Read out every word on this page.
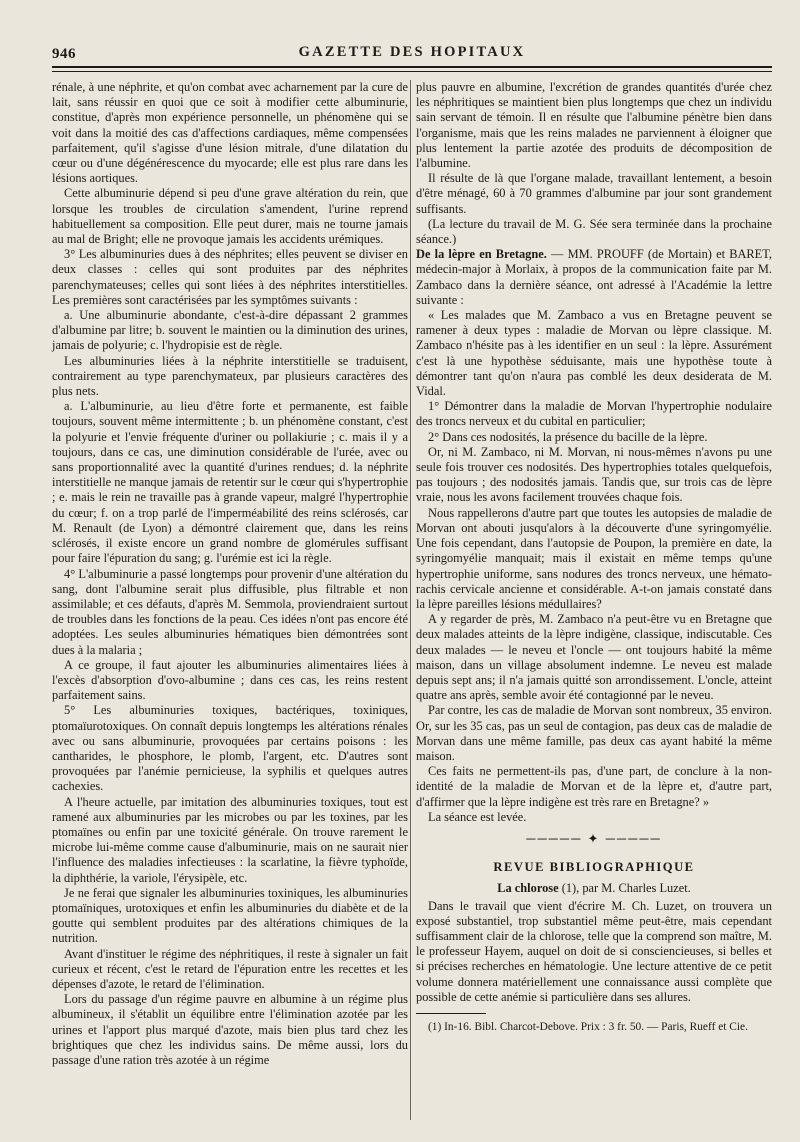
946	GAZETTE DES HOPITAUX

rénale, à une néphrite, et qu'on combat avec acharnement par la cure de lait, sans réussir en quoi que ce soit à modifier cette albuminurie, constitue, d'après mon expérience personnelle, un phénomène qui se voit dans la moitié des cas d'affections cardiaques, même compensées parfaitement, qu'il s'agisse d'une lésion mitrale, d'une dilatation du cœur ou d'une dégénérescence du myocarde; elle est plus rare dans les lésions aortiques.

Cette albuminurie dépend si peu d'une grave altération du rein, que lorsque les troubles de circulation s'amendent, l'urine reprend habituellement sa composition. Elle peut durer, mais ne tourne jamais au mal de Bright; elle ne provoque jamais les accidents urémiques.

3° Les albuminuries dues à des néphrites; elles peuvent se diviser en deux classes : celles qui sont produites par des néphrites parenchymateuses; celles qui sont liées à des néphrites interstitielles. Les premières sont caractérisées par les symptômes suivants :

a. Une albuminurie abondante, c'est-à-dire dépassant 2 grammes d'albumine par litre; b. souvent le maintien ou la diminution des urines, jamais de polyurie; c. l'hydropisie est de règle.

Les albuminuries liées à la néphrite interstitielle se traduisent, contrairement au type parenchymateux, par plusieurs caractères des plus nets.

a. L'albuminurie, au lieu d'être forte et permanente, est faible toujours, souvent même intermittente ; b. un phénomène constant, c'est la polyurie et l'envie fréquente d'uriner ou pollakiurie ; c. mais il y a toujours, dans ce cas, une diminution considérable de l'urée, avec ou sans proportionnalité avec la quantité d'urines rendues; d. la néphrite interstitielle ne manque jamais de retentir sur le cœur qui s'hypertrophie ; e. mais le rein ne travaille pas à grande vapeur, malgré l'hypertrophie du cœur; f. on a trop parlé de l'imperméabilité des reins sclérosés, car M. Renault (de Lyon) a démontré clairement que, dans les reins sclérosés, il existe encore un grand nombre de glomérules suffisant pour faire l'épuration du sang; g. l'urémie est ici la règle.

4° L'albuminurie a passé longtemps pour provenir d'une altération du sang, dont l'albumine serait plus diffusible, plus filtrable et non assimilable; et ces défauts, d'après M. Semmola, proviendraient surtout de troubles dans les fonctions de la peau. Ces idées n'ont pas encore été adoptées. Les seules albuminuries hématiques bien démontrées sont dues à la malaria ;

A ce groupe, il faut ajouter les albuminuries alimentaires liées à l'excès d'absorption d'ovo-albumine ; dans ces cas, les reins restent parfaitement sains.

5° Les albuminuries toxiques, bactériques, toxiniques, ptomaïurotoxiques. On connaît depuis longtemps les altérations rénales avec ou sans albuminurie, provoquées par certains poisons : les cantharides, le phosphore, le plomb, l'argent, etc. D'autres sont provoquées par l'anémie pernicieuse, la syphilis et quelques autres cachexies.

A l'heure actuelle, par imitation des albuminuries toxiques, tout est ramené aux albuminuries par les microbes ou par les toxines, par les ptomaïnes ou enfin par une toxicité générale. On trouve rarement le microbe lui-même comme cause d'albuminurie, mais on ne saurait nier l'influence des maladies infectieuses : la scarlatine, la fièvre typhoïde, la diphthérie, la variole, l'érysipèle, etc.

Je ne ferai que signaler les albuminuries toxiniques, les albuminuries ptomaïniques, urotoxiques et enfin les albuminuries du diabète et de la goutte qui semblent produites par des altérations chimiques de la nutrition.

Avant d'instituer le régime des néphritiques, il reste à signaler un fait curieux et récent, c'est le retard de l'épuration entre les recettes et les dépenses d'azote, le retard de l'élimination.

Lors du passage d'un régime pauvre en albumine à un régime plus albumineux, il s'établit un équilibre entre l'élimination azotée par les urines et l'apport plus marqué d'azote, mais bien plus tard chez les brightiques que chez les individus sains. De même aussi, lors du passage d'une ration très azotée à un régime

plus pauvre en albumine, l'excrétion de grandes quantités d'urée chez les néphritiques se maintient bien plus longtemps que chez un individu sain servant de témoin. Il en résulte que l'albumine pénètre bien dans l'organisme, mais que les reins malades ne parviennent à éloigner que plus lentement la partie azotée des produits de décomposition de l'albumine.

Il résulte de là que l'organe malade, travaillant lentement, a besoin d'être ménagé, 60 à 70 grammes d'albumine par jour sont grandement suffisants.

(La lecture du travail de M. G. Sée sera terminée dans la prochaine séance.)

De la lèpre en Bretagne. — MM. PROUFF (de Mortain) et BARET, médecin-major à Morlaix, à propos de la communication faite par M. Zambaco dans la dernière séance, ont adressé à l'Académie la lettre suivante :

« Les malades que M. Zambaco a vus en Bretagne peuvent se ramener à deux types : maladie de Morvan ou lèpre classique. M. Zambaco n'hésite pas à les identifier en un seul : la lèpre. Assurément c'est là une hypothèse séduisante, mais une hypothèse toute à démontrer tant qu'on n'aura pas comblé les deux desiderata de M. Vidal.

1° Démontrer dans la maladie de Morvan l'hypertrophie nodulaire des troncs nerveux et du cubital en particulier;

2° Dans ces nodosités, la présence du bacille de la lèpre.

Or, ni M. Zambaco, ni M. Morvan, ni nous-mêmes n'avons pu une seule fois trouver ces nodosités. Des hypertrophies totales quelquefois, pas toujours ; des nodosités jamais. Tandis que, sur trois cas de lèpre vraie, nous les avons facilement trouvées chaque fois.

Nous rappellerons d'autre part que toutes les autopsies de maladie de Morvan ont abouti jusqu'alors à la découverte d'une syringomyélie. Une fois cependant, dans l'autopsie de Poupon, la première en date, la syringomyélie manquait; mais il existait en même temps qu'une hypertrophie uniforme, sans nodures des troncs nerveux, une hémato-rachis cervicale ancienne et considérable. A-t-on jamais constaté dans la lèpre pareilles lésions médullaires?

A y regarder de près, M. Zambaco n'a peut-être vu en Bretagne que deux malades atteints de la lèpre indigène, classique, indiscutable. Ces deux malades — le neveu et l'oncle — ont toujours habité la même maison, dans un village absolument indemne. Le neveu est malade depuis sept ans; il n'a jamais quitté son arrondissement. L'oncle, atteint quatre ans après, semble avoir été contagionné par le neveu.

Par contre, les cas de maladie de Morvan sont nombreux, 35 environ. Or, sur les 35 cas, pas un seul de contagion, pas deux cas de maladie de Morvan dans une même famille, pas deux cas ayant habité la même maison.

Ces faits ne permettent-ils pas, d'une part, de conclure à la non-identité de la maladie de Morvan et de la lèpre et, d'autre part, d'affirmer que la lèpre indigène est très rare en Bretagne? »

La séance est levée.

───── ✦ ─────
REVUE BIBLIOGRAPHIQUE
La chlorose (1), par M. Charles Luzet.

Dans le travail que vient d'écrire M. Ch. Luzet, on trouvera un exposé substantiel, trop substantiel même peut-être, mais cependant suffisamment clair de la chlorose, telle que la comprend son maître, M. le professeur Hayem, auquel on doit de si consciencieuses, si belles et si précises recherches en hématologie. Une lecture attentive de ce petit volume donnera matériellement une connaissance aussi complète que possible de cette anémie si particulière dans ses allures.

(1) In-16. Bibl. Charcot-Debove. Prix : 3 fr. 50. — Paris, Rueff et Cie.
